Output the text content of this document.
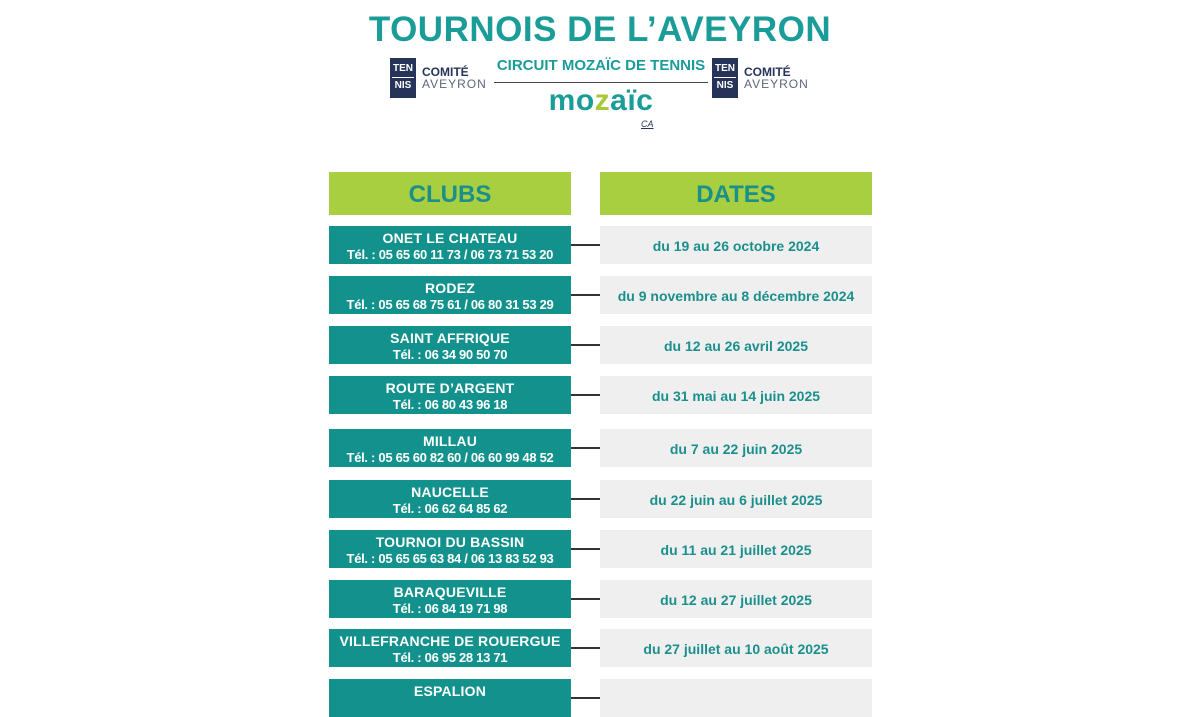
TOURNOIS DE L’AVEYRON
TEN
NIS
COMITÉ
AVEYRON
TEN
NIS
COMITÉ
AVEYRON
CIRCUIT MOZAÏC DE TENNIS
mozaïc
CA
CLUBS	DATES
ONET LE CHATEAU
Tél. : 05 65 60 11 73 / 06 73 71 53 20
du 19 au 26 octobre 2024
RODEZ
Tél. : 05 65 68 75 61 / 06 80 31 53 29
du 9 novembre au 8 décembre 2024
SAINT AFFRIQUE
Tél. : 06 34 90 50 70
du 12 au 26 avril 2025
ROUTE D’ARGENT
Tél. : 06 80 43 96 18
du 31 mai au 14 juin 2025
MILLAU
Tél. : 05 65 60 82 60 / 06 60 99 48 52
du 7 au 22 juin 2025
NAUCELLE
Tél. : 06 62 64 85 62
du 22 juin au 6 juillet 2025
TOURNOI DU BASSIN
Tél. : 05 65 65 63 84 / 06 13 83 52 93
du 11 au 21 juillet 2025
BARAQUEVILLE
Tél. : 06 84 19 71 98
du 12 au 27 juillet 2025
VILLEFRANCHE DE ROUERGUE
Tél. : 06 95 28 13 71
du 27 juillet au 10 août 2025
ESPALION
